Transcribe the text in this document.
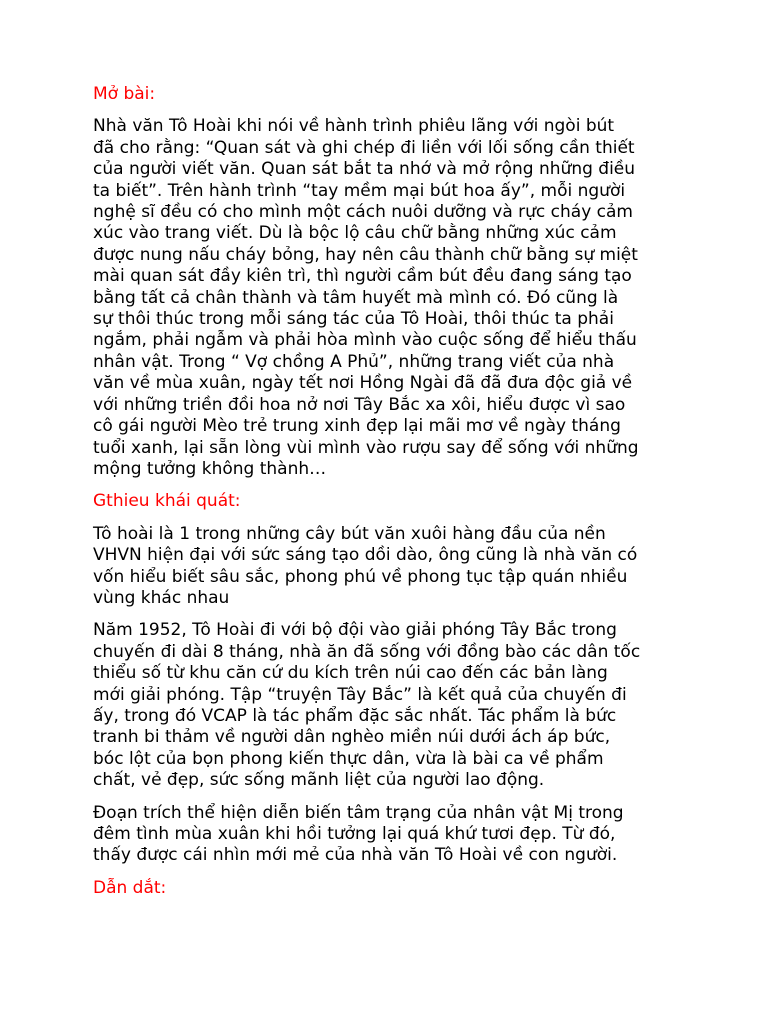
Mở bài:
Nhà văn Tô Hoài khi nói về hành trình phiêu lãng với ngòi bút
đã cho rằng: “Quan sát và ghi chép đi liền với lối sống cần thiết
của người viết văn. Quan sát bắt ta nhớ và mở rộng những điều
ta biết”. Trên hành trình “tay mềm mại bút hoa ấy”, mỗi người
nghệ sĩ đều có cho mình một cách nuôi dưỡng và rực cháy cảm
xúc vào trang viết. Dù là bộc lộ câu chữ bằng những xúc cảm
được nung nấu cháy bỏng, hay nên câu thành chữ bằng sự miệt
mài quan sát đầy kiên trì, thì người cầm bút đều đang sáng tạo
bằng tất cả chân thành và tâm huyết mà mình có. Đó cũng là
sự thôi thúc trong mỗi sáng tác của Tô Hoài, thôi thúc ta phải
ngắm, phải ngẫm và phải hòa mình vào cuộc sống để hiểu thấu
nhân vật. Trong “ Vợ chồng A Phủ”, những trang viết của nhà
văn về mùa xuân, ngày tết nơi Hồng Ngài đã đã đưa độc giả về
với những triền đồi hoa nở nơi Tây Bắc xa xôi, hiểu được vì sao
cô gái người Mèo trẻ trung xinh đẹp lại mãi mơ về ngày tháng
tuổi xanh, lại sẵn lòng vùi mình vào rượu say để sống với những
mộng tưởng không thành…
Gthieu khái quát:
Tô hoài là 1 trong những cây bút văn xuôi hàng đầu của nền
VHVN hiện đại với sức sáng tạo dồi dào, ông cũng là nhà văn có
vốn hiểu biết sâu sắc, phong phú về phong tục tập quán nhiều
vùng khác nhau
Năm 1952, Tô Hoài đi với bộ đội vào giải phóng Tây Bắc trong
chuyến đi dài 8 tháng, nhà ăn đã sống với đồng bào các dân tốc
thiểu số từ khu căn cứ du kích trên núi cao đến các bản làng
mới giải phóng. Tập “truyện Tây Bắc” là kết quả của chuyến đi
ấy, trong đó VCAP là tác phẩm đặc sắc nhất. Tác phẩm là bức
tranh bi thảm về người dân nghèo miền núi dưới ách áp bức,
bóc lột của bọn phong kiến thực dân, vừa là bài ca về phẩm
chất, vẻ đẹp, sức sống mãnh liệt của người lao động.
Đoạn trích thể hiện diễn biến tâm trạng của nhân vật Mị trong
đêm tình mùa xuân khi hồi tưởng lại quá khứ tươi đẹp. Từ đó,
thấy được cái nhìn mới mẻ của nhà văn Tô Hoài về con người.
Dẫn dắt:
